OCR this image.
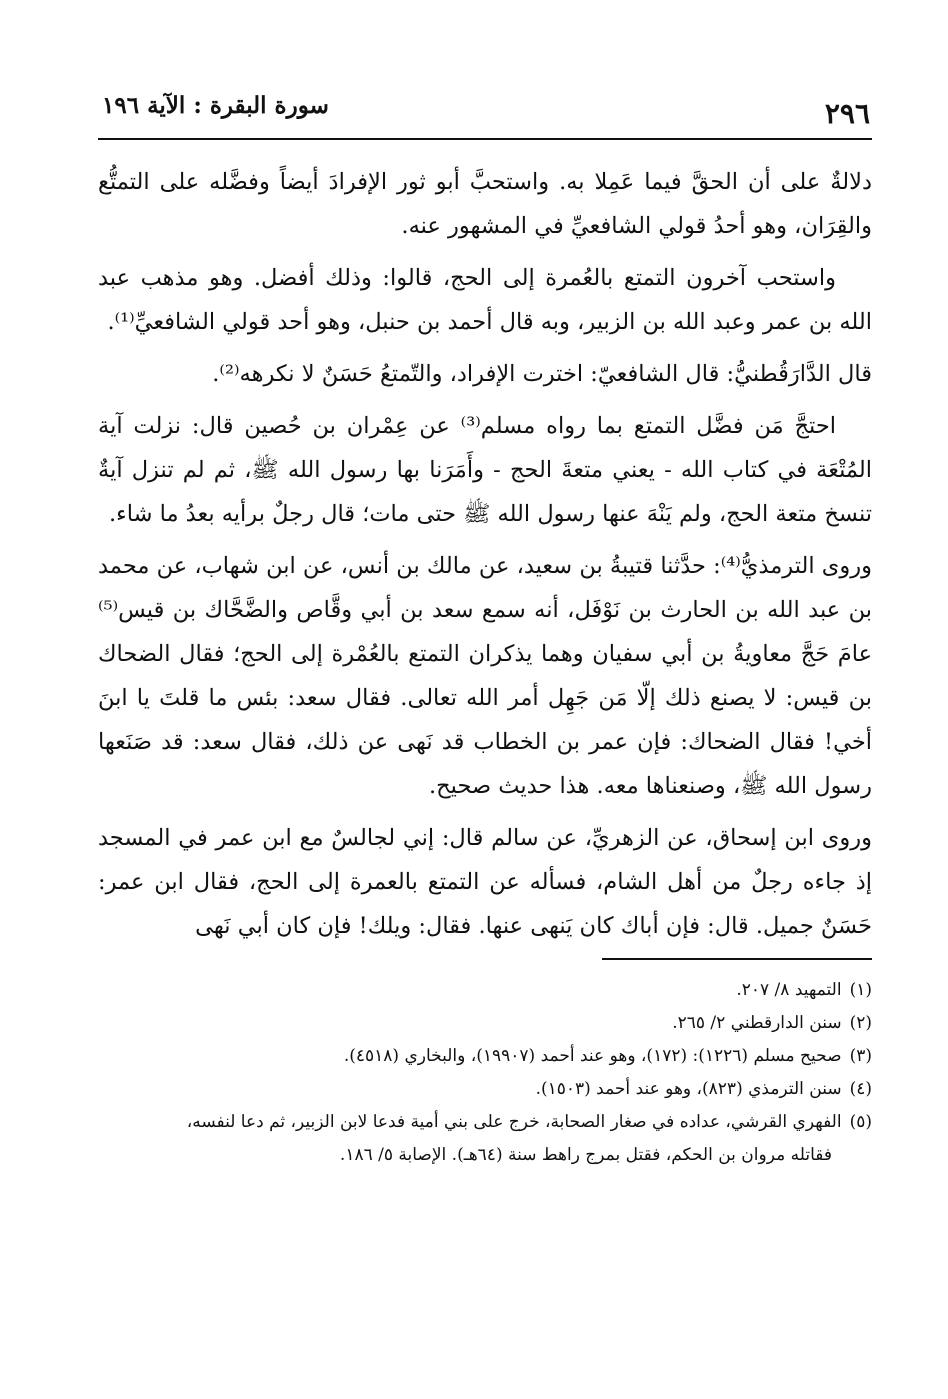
٢٩٦
سورة البقرة : الآية ١٩٦

دلالةٌ على أن الحقَّ فيما عَمِلا به. واستحبَّ أبو ثور الإفرادَ أيضاً وفضَّله على التمتُّع والقِرَان، وهو أحدُ قولي الشافعيِّ في المشهور عنه.

واستحب آخرون التمتع بالعُمرة إلى الحج، قالوا: وذلك أفضل. وهو مذهب عبد الله بن عمر وعبد الله بن الزبير، وبه قال أحمد بن حنبل، وهو أحد قولي الشافعيِّ⁽¹⁾.

قال الدَّارَقُطنيُّ: قال الشافعيّ: اخترت الإفراد، والتّمتعُ حَسَنٌ لا نكرهه⁽²⁾.

احتجَّ مَن فضَّل التمتع بما رواه مسلم⁽³⁾ عن عِمْران بن حُصين قال: نزلت آية المُتْعَة في كتاب الله - يعني متعةَ الحج - وأَمَرَنا بها رسول الله ﷺ، ثم لم تنزل آيةٌ تنسخ متعة الحج، ولم يَنْهَ عنها رسول الله ﷺ حتى مات؛ قال رجلٌ برأيه بعدُ ما شاء.

وروى الترمذيُّ⁽⁴⁾: حدَّثنا قتيبةُ بن سعيد، عن مالك بن أنس، عن ابن شهاب، عن محمد بن عبد الله بن الحارث بن نَوْفَل، أنه سمع سعد بن أبي وقَّاص والضَّحَّاك بن قيس⁽⁵⁾ عامَ حَجَّ معاويةُ بن أبي سفيان وهما يذكران التمتع بالعُمْرة إلى الحج؛ فقال الضحاك بن قيس: لا يصنع ذلك إلّا مَن جَهِل أمر الله تعالى. فقال سعد: بئس ما قلتَ يا ابنَ أخي! فقال الضحاك: فإن عمر بن الخطاب قد نَهى عن ذلك، فقال سعد: قد صَنَعها رسول الله ﷺ، وصنعناها معه. هذا حديث صحيح.

وروى ابن إسحاق، عن الزهريِّ، عن سالم قال: إني لجالسٌ مع ابن عمر في المسجد إذ جاءه رجلٌ من أهل الشام، فسأله عن التمتع بالعمرة إلى الحج، فقال ابن عمر: حَسَنٌ جميل. قال: فإن أباك كان يَنهى عنها. فقال: ويلك! فإن كان أبي نَهى

(١)
التمهيد ٨/ ٢٠٧.
(٢)
سنن الدارقطني ٢/ ٢٦٥.
(٣)
صحيح مسلم (١٢٢٦): (١٧٢)، وهو عند أحمد (١٩٩٠٧)، والبخاري (٤٥١٨).
(٤)
سنن الترمذي (٨٢٣)، وهو عند أحمد (١٥٠٣).
(٥)
الفهري القرشي، عداده في صغار الصحابة، خرج على بني أمية فدعا لابن الزبير، ثم دعا لنفسه،
فقاتله مروان بن الحكم، فقتل بمرج راهط سنة (٦٤هـ). الإصابة ٥/ ١٨٦.
